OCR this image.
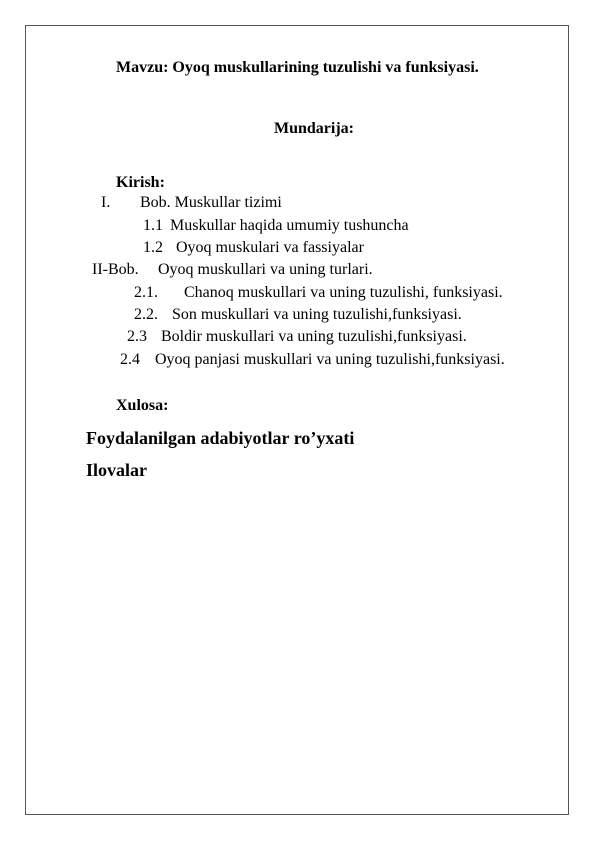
Mavzu: Oyoq muskullarining tuzulishi va funksiyasi.
Mundarija:
Kirish:
I. Bob. Muskullar tizimi
1.1 Muskullar haqida umumiy tushuncha
1.2 Oyoq muskulari va fassiyalar
II-Bob. Oyoq muskullari va uning turlari.
2.1. Chanoq muskullari va uning tuzulishi, funksiyasi.
2.2. Son muskullari va uning tuzulishi,funksiyasi.
2.3 Boldir muskullari va uning tuzulishi,funksiyasi.
2.4 Oyoq panjasi muskullari va uning tuzulishi,funksiyasi.
Xulosa:
Foydalanilgan adabiyotlar ro’yxati
Ilovalar
